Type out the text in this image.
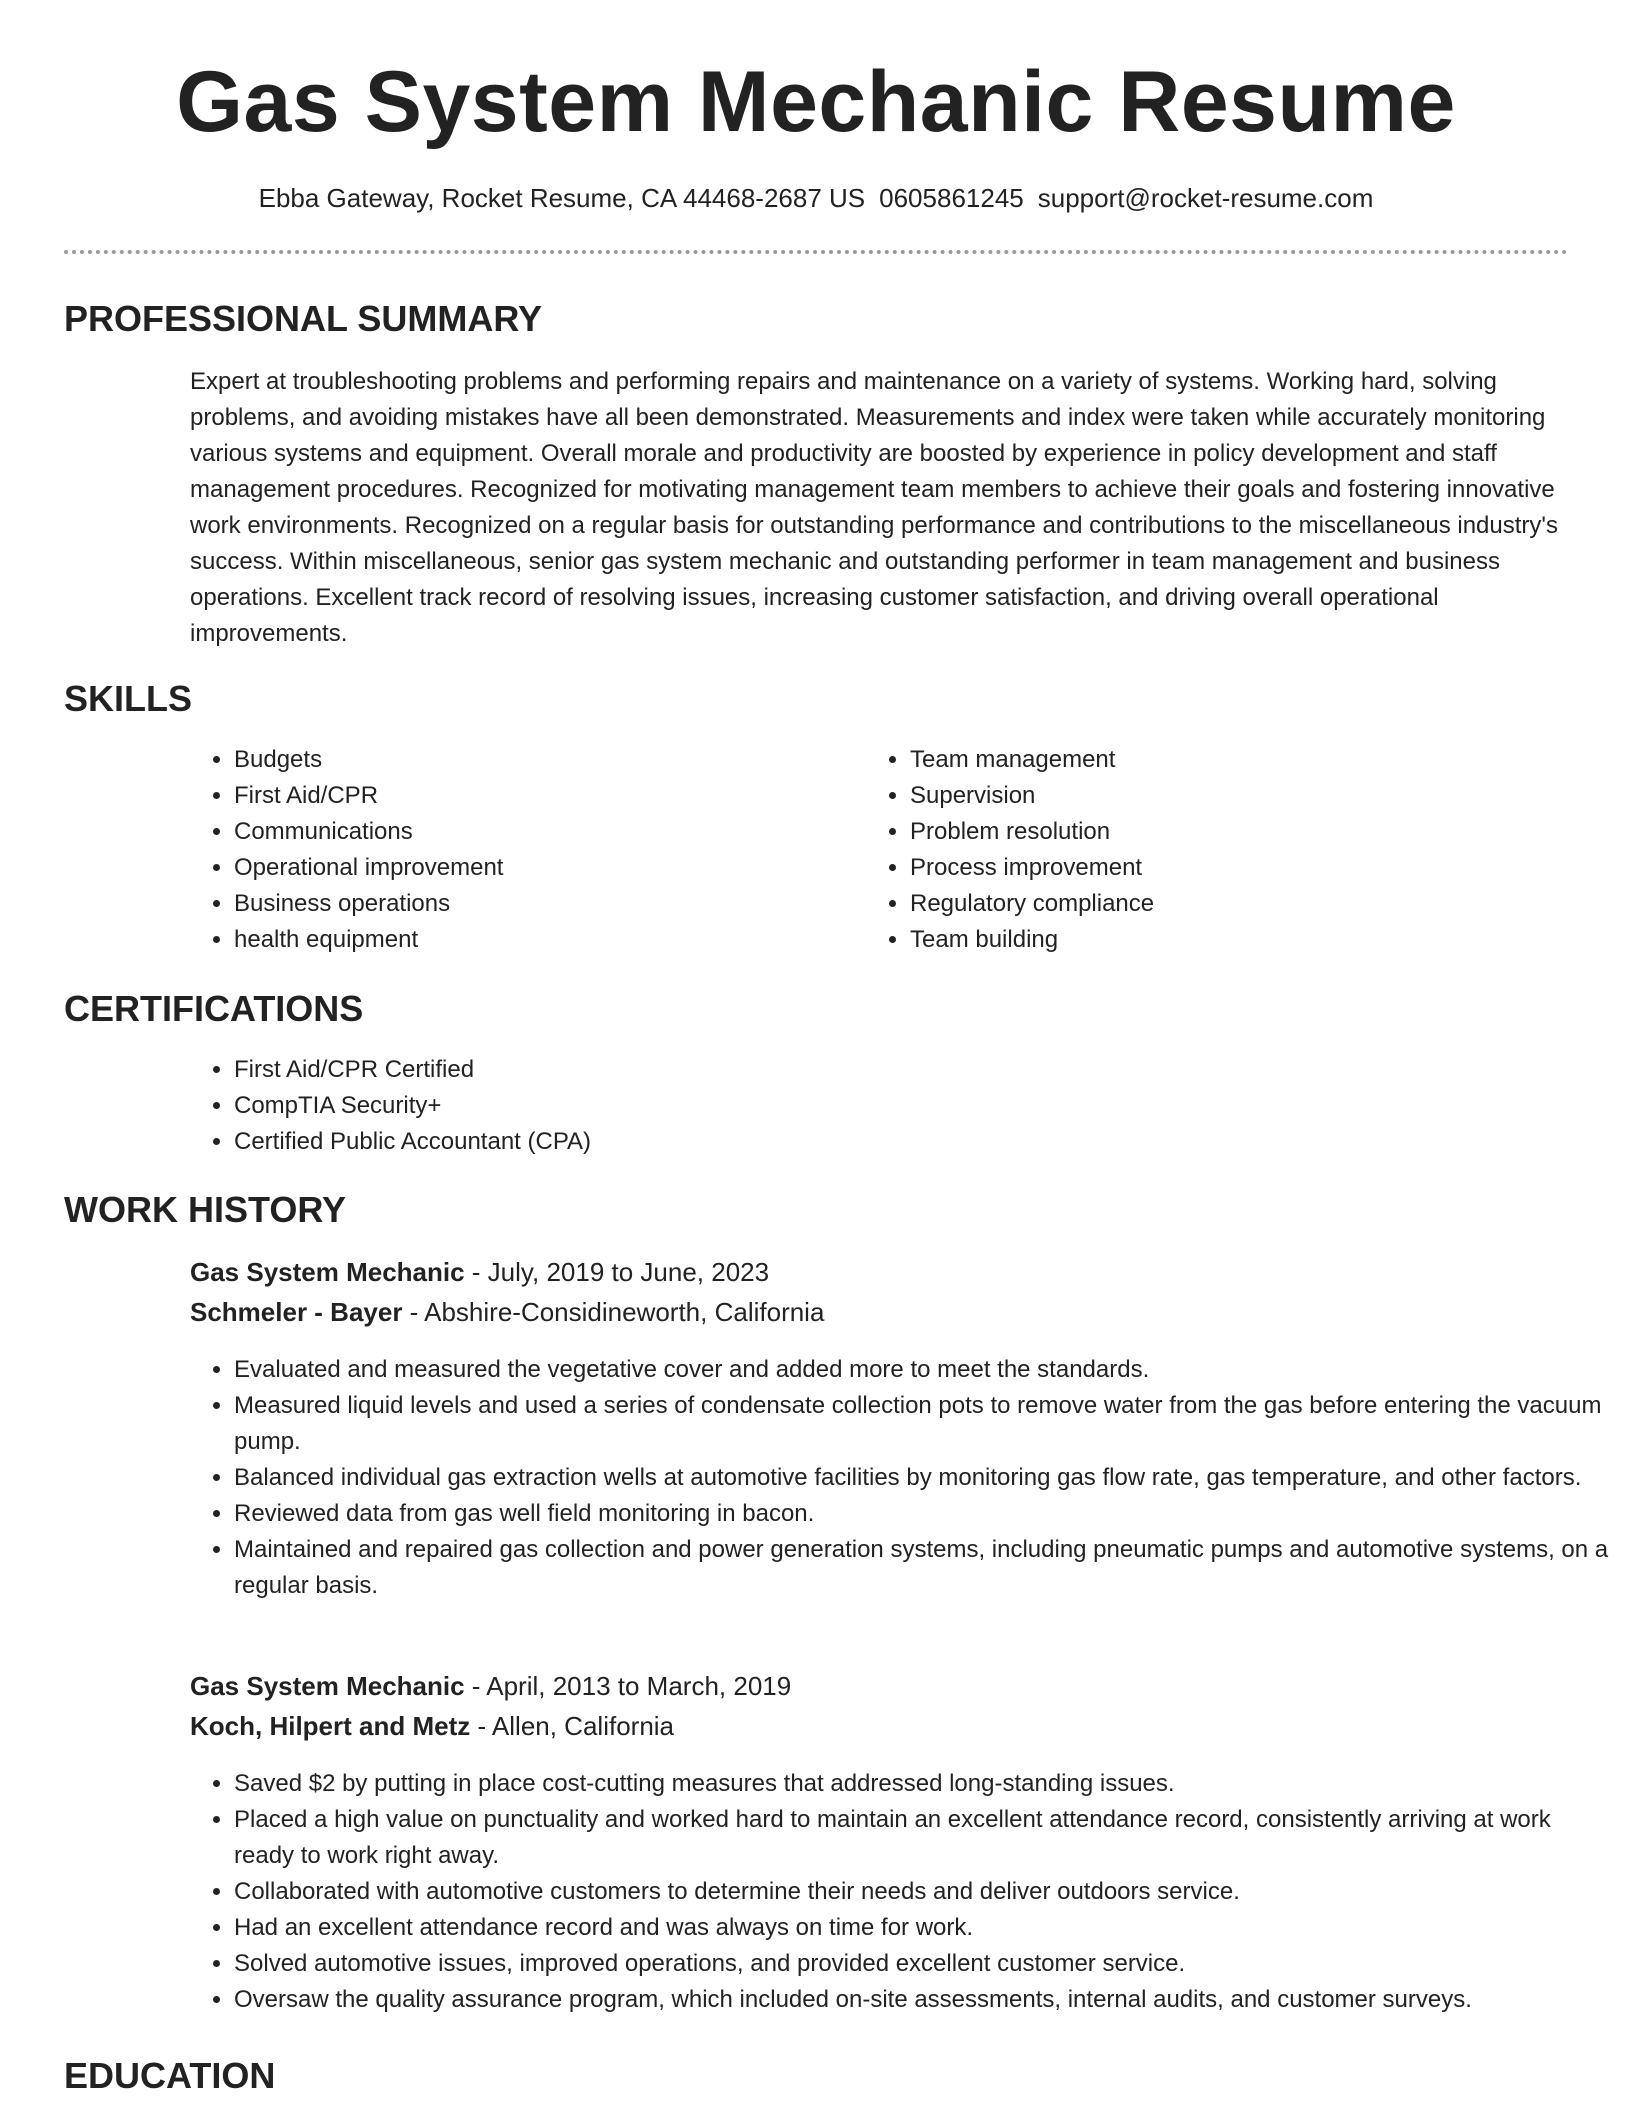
Gas System Mechanic Resume
Ebba Gateway, Rocket Resume, CA 44468-2687 US 0605861245 support@rocket-resume.com
PROFESSIONAL SUMMARY

Expert at troubleshooting problems and performing repairs and maintenance on a variety of systems. Working hard, solving problems, and avoiding mistakes have all been demonstrated. Measurements and index were taken while accurately monitoring various systems and equipment. Overall morale and productivity are boosted by experience in policy development and staff management procedures. Recognized for motivating management team members to achieve their goals and fostering innovative work environments. Recognized on a regular basis for outstanding performance and contributions to the miscellaneous industry's success. Within miscellaneous, senior gas system mechanic and outstanding performer in team management and business operations. Excellent track record of resolving issues, increasing customer satisfaction, and driving overall operational improvements.

SKILLS
• Budgets
• First Aid/CPR
• Communications
• Operational improvement
• Business operations
• health equipment
• Team management
• Supervision
• Problem resolution
• Process improvement
• Regulatory compliance
• Team building
CERTIFICATIONS
• First Aid/CPR Certified
• CompTIA Security+
• Certified Public Accountant (CPA)
WORK HISTORY
Gas System Mechanic - July, 2019 to June, 2023
Schmeler - Bayer - Abshire-Considineworth, California
• Evaluated and measured the vegetative cover and added more to meet the standards.
• Measured liquid levels and used a series of condensate collection pots to remove water from the gas before entering the vacuum pump.
• Balanced individual gas extraction wells at automotive facilities by monitoring gas flow rate, gas temperature, and other factors.
• Reviewed data from gas well field monitoring in bacon.
• Maintained and repaired gas collection and power generation systems, including pneumatic pumps and automotive systems, on a regular basis.
Gas System Mechanic - April, 2013 to March, 2019
Koch, Hilpert and Metz - Allen, California
• Saved $2 by putting in place cost-cutting measures that addressed long-standing issues.
• Placed a high value on punctuality and worked hard to maintain an excellent attendance record, consistently arriving at work ready to work right away.
• Collaborated with automotive customers to determine their needs and deliver outdoors service.
• Had an excellent attendance record and was always on time for work.
• Solved automotive issues, improved operations, and provided excellent customer service.
• Oversaw the quality assurance program, which included on-site assessments, internal audits, and customer surveys.
EDUCATION
